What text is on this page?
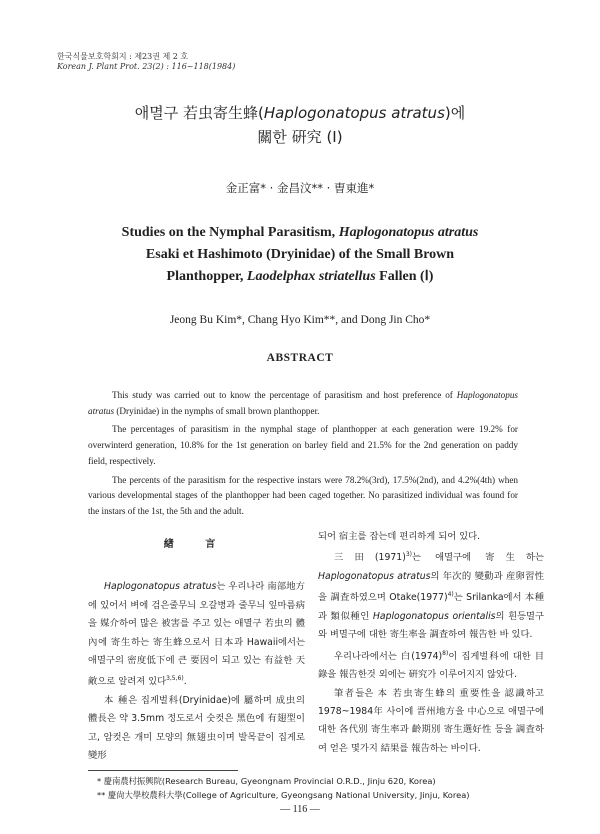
한국식물보호학회지 : 제23권 제 2 호
Korean J. Plant Prot. 23(2) : 116~118(1984)
애멸구 若虫寄生蜂(Haplogonatopus atratus)에
關한 硏究 (I)
金正富* · 金昌汶** · 曺東進*
Studies on the Nymphal Parasitism, Haplogonatopus atratus
Esaki et Hashimoto (Dryinidae) of the Small Brown
Planthopper, Laodelphax striatellus Fallen (Ⅰ)
Jeong Bu Kim*, Chang Hyo Kim**, and Dong Jin Cho*
ABSTRACT

This study was carried out to know the percentage of parasitism and host preference of Haplogonatopus atratus (Dryinidae) in the nymphs of small brown planthopper.

The percentages of parasitism in the nymphal stage of planthopper at each generation were 19.2% for overwinterd generation, 10.8% for the 1st generation on barley field and 21.5% for the 2nd generation on paddy field, respectively.

The percents of the parasitism for the respective instars were 78.2%(3rd), 17.5%(2nd), and 4.2%(4th) when various developmental stages of the planthopper had been caged together. No parasitized individual was found for the instars of the 1st, the 5th and the adult.

緖 言

Haplogonatopus atratus는 우리나라 南部地方에 있어서 벼에 검은줄무늬 오갈병과 줄무늬 잎마름病을 媒介하여 많은 被害를 주고 있는 애멸구 若虫의 體內에 寄生하는 寄生蜂으로서 日本과 Hawaii에서는 애멸구의 密度低下에 큰 要因이 되고 있는 有益한 天敵으로 알려져 있다$^{3,5,6)}$.

本 種은 집게벌科(Dryinidae)에 屬하며 成虫의 體長은 약 3.5mm 정도로서 숫컷은 黑色에 有翅型이고, 암컷은 개미 모양의 無翅虫이며 발목끝이 집게로 變形

되어 宿主를 잡는데 편리하게 되어 있다.

三田$(1971)^{3)}$는 애멸구에 寄生하는 Haplogonatopus atratus의 年次的 變動과 産卵習性을 調査하였으며 $Otake(1977)^{4)}$는 Srilanka에서 本種과 類似種인 Haplogonatopus orientalis의 흰등멸구와 벼멸구에 대한 寄生率을 調査하여 報告한 바 있다.

우리나라에서는 白$(1974)^{8)}$이 집게벌科에 대한 目錄을 報告한것 외에는 硏究가 이루어지지 않았다.

筆者들은 本 若虫寄生蜂의 重要性을 認識하고 1978~1984年 사이에 晋州地方을 中心으로 애멸구에 대한 各代別 寄生率과 齡期別 寄生選好性 등을 調査하여 얻은 몇가지 結果를 報告하는 바이다.

* 慶南農村振興院(Research Bureau, Gyeongnam Provincial O.R.D., Jinju 620, Korea)
** 慶尙大學校農科大學(College of Agriculture, Gyeongsang National University, Jinju, Korea)
— 116 —
